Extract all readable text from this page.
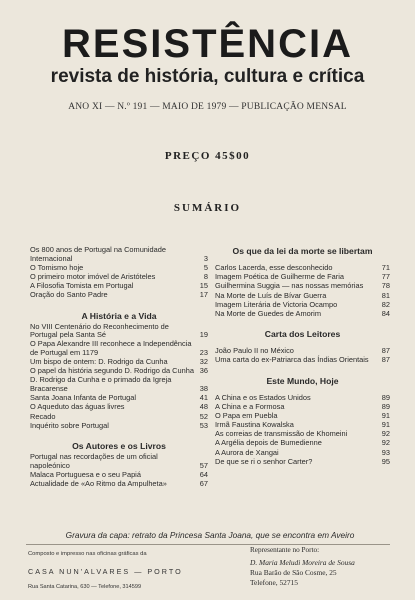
RESISTÊNCIA
revista de história, cultura e crítica
ANO XI — N.º 191 — MAIO DE 1979 — PUBLICAÇÃO MENSAL
PREÇO 45$00
SUMÁRIO
Os 800 anos de Portugal na Comunidade Internacional	3
O Tomismo hoje	5
O primeiro motor imóvel de Aristóteles	8
A Filosofia Tomista em Portugal	15
Oração do Santo Padre	17
A História e a Vida
No VIII Centenário do Reconhecimento de Portugal pela Santa Sé	19
O Papa Alexandre III reconhece a Independência de Portugal em 1179	23
Um bispo de ontem: D. Rodrigo da Cunha	32
O papel da história segundo D. Rodrigo da Cunha 36
D. Rodrigo da Cunha e o primado da Igreja Bracarense	38
Santa Joana Infanta de Portugal	41
O Aqueduto das águas livres	48
Recado	52
Inquérito sobre Portugal	53
Os Autores e os Livros
Portugal nas recordações de um oficial napoleónico	57
Malaca Portuguesa e o seu Papiá	64
Actualidade de «Ao Ritmo da Ampulheta»	67
Os que da lei da morte se libertam
Carlos Lacerda, esse desconhecido	71
Imagem Poética de Guilherme de Faria	77
Guilhermina Suggia — nas nossas memórias 78
Na Morte de Luís de Bívar Guerra	81
Imagem Literária de Victoria Ocampo	82
Na Morte de Guedes de Amorim	84
Carta dos Leitores
João Paulo II no México	87
Uma carta do ex-Patriarca das Índias Orientais 87
Este Mundo, Hoje
A China e os Estados Unidos	89
A China e a Formosa	89
O Papa em Puebla	91
Irmã Faustina Kowalska	91
As correias de transmissão de Khomeini	92
A Argélia depois de Bumedienne	92
A Aurora de Xangai	93
De que se ri o senhor Carter?	95
Gravura da capa: retrato da Princesa Santa Joana, que se encontra em Aveiro
Composto e impresso nas oficinas gráficas da
CASA NUN'ALVARES — PORTO
Rua Santa Catarina, 630 — Telefone, 314599
Representante no Porto:
D. Maria Meludi Moreira de Sousa
Rua Barão de São Cosme, 25
Telefone, 52715
